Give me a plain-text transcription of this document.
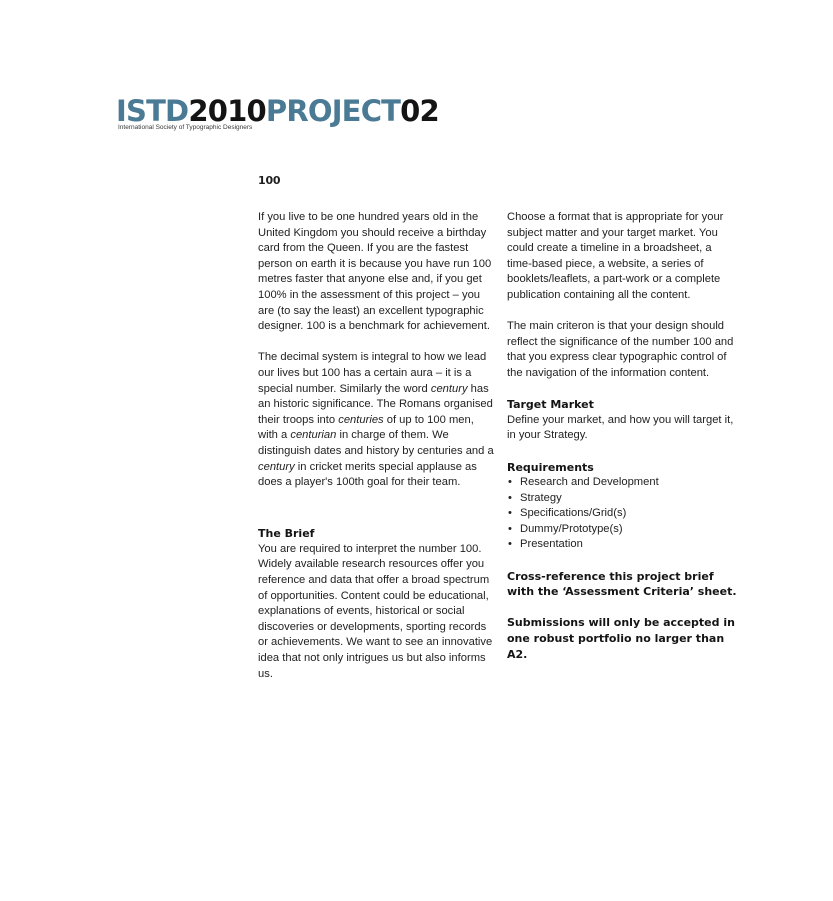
ISTD2010PROJECT02
International Society of Typographic Designers
100

If you live to be one hundred years old in the United Kingdom you should receive a birthday card from the Queen. If you are the fastest person on earth it is because you have run 100 metres faster that anyone else and, if you get 100% in the assessment of this project – you are (to say the least) an excellent typographic designer. 100 is a benchmark for achievement.

The decimal system is integral to how we lead our lives but 100 has a certain aura – it is a special number. Similarly the word century has an historic significance. The Romans organised their troops into centuries of up to 100 men, with a centurian in charge of them. We distinguish dates and history by centuries and a century in cricket merits special applause as does a player's 100th goal for their team.

The Brief

You are required to interpret the number 100. Widely available research resources offer you reference and data that offer a broad spectrum of opportunities. Content could be educational, explanations of events, historical or social discoveries or developments, sporting records or achievements. We want to see an innovative idea that not only intrigues us but also informs us.

Choose a format that is appropriate for your subject matter and your target market. You could create a timeline in a broadsheet, a time-based piece, a website, a series of booklets/leaflets, a part-work or a complete publication containing all the content.

The main criteron is that your design should reflect the significance of the number 100 and that you express clear typographic control of the navigation of the information content.

Target Market

Define your market, and how you will target it, in your Strategy.

Requirements
• Research and Development
• Strategy
• Specifications/Grid(s)
• Dummy/Prototype(s)
• Presentation

Cross-reference this project brief with the ‘Assessment Criteria’ sheet.

Submissions will only be accepted in one robust portfolio no larger than A2.
